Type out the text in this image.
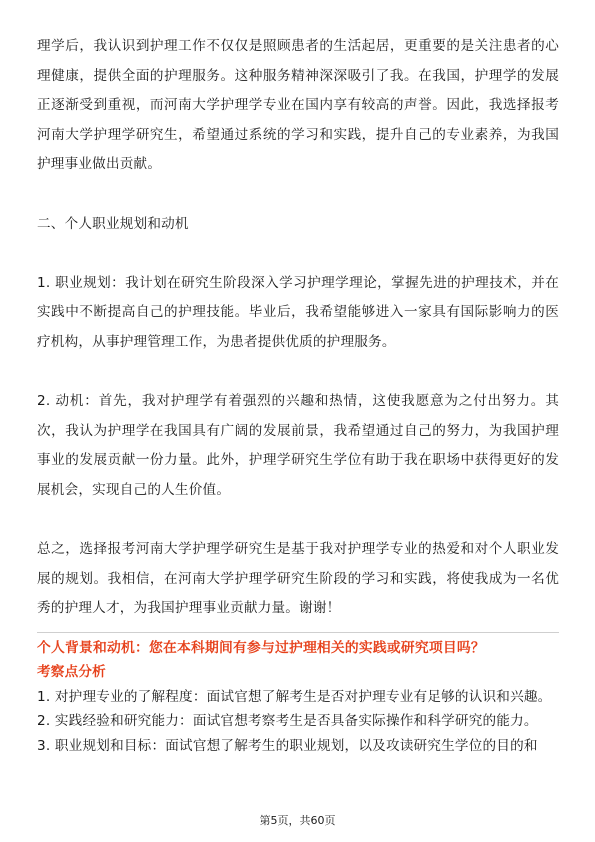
理学后，我认识到护理工作不仅仅是照顾患者的生活起居，更重要的是关注患者的心理健康，提供全面的护理服务。这种服务精神深深吸引了我。在我国，护理学的发展正逐渐受到重视，而河南大学护理学专业在国内享有较高的声誉。因此，我选择报考河南大学护理学研究生，希望通过系统的学习和实践，提升自己的专业素养，为我国护理事业做出贡献。

二、个人职业规划和动机

1. 职业规划：我计划在研究生阶段深入学习护理学理论，掌握先进的护理技术，并在实践中不断提高自己的护理技能。毕业后，我希望能够进入一家具有国际影响力的医疗机构，从事护理管理工作，为患者提供优质的护理服务。

2. 动机：首先，我对护理学有着强烈的兴趣和热情，这使我愿意为之付出努力。其次，我认为护理学在我国具有广阔的发展前景，我希望通过自己的努力，为我国护理事业的发展贡献一份力量。此外，护理学研究生学位有助于我在职场中获得更好的发展机会，实现自己的人生价值。

总之，选择报考河南大学护理学研究生是基于我对护理学专业的热爱和对个人职业发展的规划。我相信，在河南大学护理学研究生阶段的学习和实践，将使我成为一名优秀的护理人才，为我国护理事业贡献力量。谢谢！

个人背景和动机：您在本科期间有参与过护理相关的实践或研究项目吗？

考察点分析

1. 对护理专业的了解程度：面试官想了解考生是否对护理专业有足够的认识和兴趣。

2. 实践经验和研究能力：面试官想考察考生是否具备实际操作和科学研究的能力。

3. 职业规划和目标：面试官想了解考生的职业规划，以及攻读研究生学位的目的和

第5页，共60页
